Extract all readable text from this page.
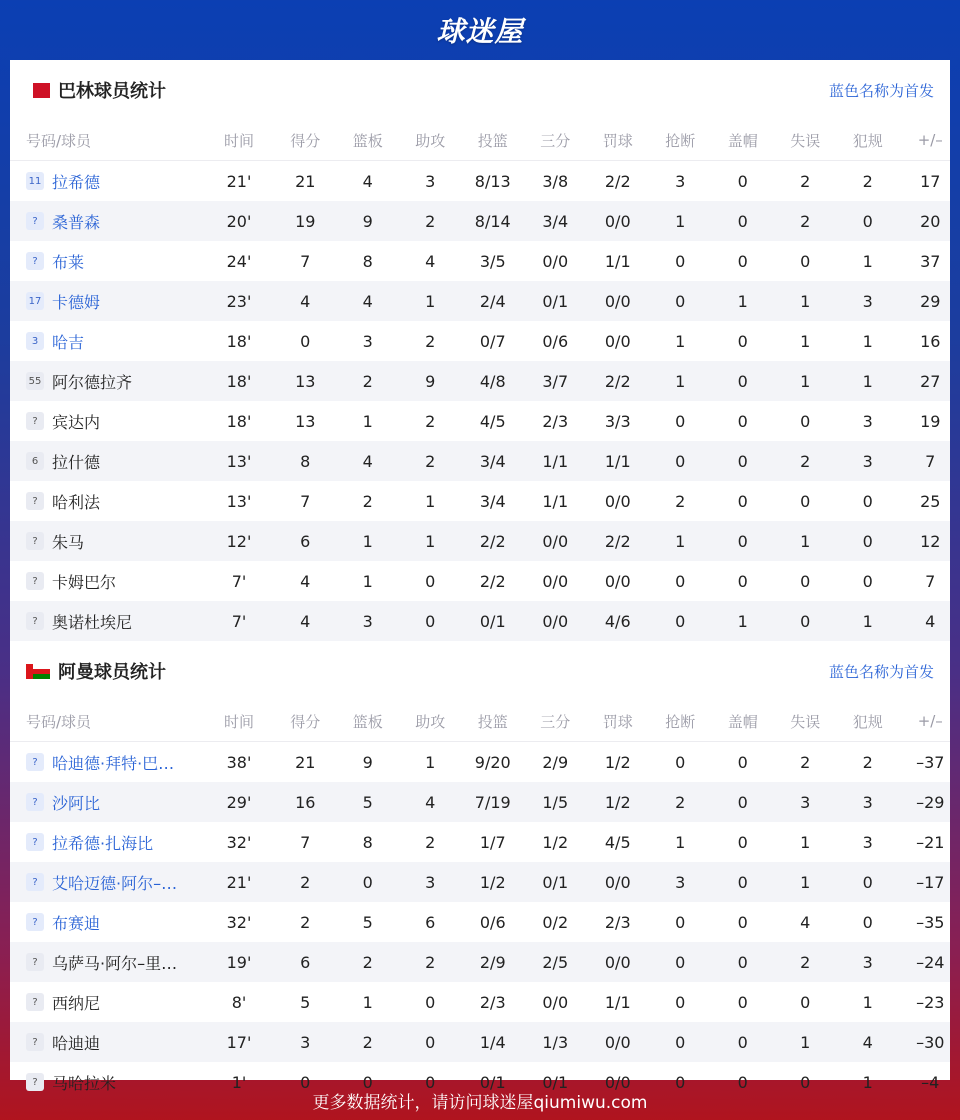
球迷屋
巴林球员统计	蓝色名称为首发
号码/球员	时间	得分	篮板	助攻	投篮	三分	罚球	抢断	盖帽	失误	犯规	+/–
11 拉希德	21'	21	4	3	8/13	3/8	2/2	3	0	2	2	17
? 桑普森	20'	19	9	2	8/14	3/4	0/0	1	0	2	0	20
? 布莱	24'	7	8	4	3/5	0/0	1/1	0	0	0	1	37
17 卡德姆	23'	4	4	1	2/4	0/1	0/0	0	1	1	3	29
3 哈吉	18'	0	3	2	0/7	0/6	0/0	1	0	1	1	16
55 阿尔德拉齐	18'	13	2	9	4/8	3/7	2/2	1	0	1	1	27
? 宾达内	18'	13	1	2	4/5	2/3	3/3	0	0	0	3	19
6 拉什德	13'	8	4	2	3/4	1/1	1/1	0	0	2	3	7
? 哈利法	13'	7	2	1	3/4	1/1	0/0	2	0	0	0	25
? 朱马	12'	6	1	1	2/2	0/0	2/2	1	0	1	0	12
? 卡姆巴尔	7'	4	1	0	2/2	0/0	0/0	0	0	0	0	7
? 奥诺杜埃尼	7'	4	3	0	0/1	0/0	4/6	0	1	0	1	4
阿曼球员统计	蓝色名称为首发
号码/球员	时间	得分	篮板	助攻	投篮	三分	罚球	抢断	盖帽	失误	犯规	+/–
? 哈迪德·拜特·巴…	38'	21	9	1	9/20	2/9	1/2	0	0	2	2	–37
? 沙阿比	29'	16	5	4	7/19	1/5	1/2	2	0	3	3	–29
? 拉希德·扎海比	32'	7	8	2	1/7	1/2	4/5	1	0	1	3	–21
? 艾哈迈德·阿尔–…	21'	2	0	3	1/2	0/1	0/0	3	0	1	0	–17
? 布赛迪	32'	2	5	6	0/6	0/2	2/3	0	0	4	0	–35
? 乌萨马·阿尔–里…	19'	6	2	2	2/9	2/5	0/0	0	0	2	3	–24
? 西纳尼	8'	5	1	0	2/3	0/0	1/1	0	0	0	1	–23
? 哈迪迪	17'	3	2	0	1/4	1/3	0/0	0	0	1	4	–30
? 马哈拉米	1'	0	0	0	0/1	0/1	0/0	0	0	0	1	–4
更多数据统计，请访问球迷屋qiumiwu.com
